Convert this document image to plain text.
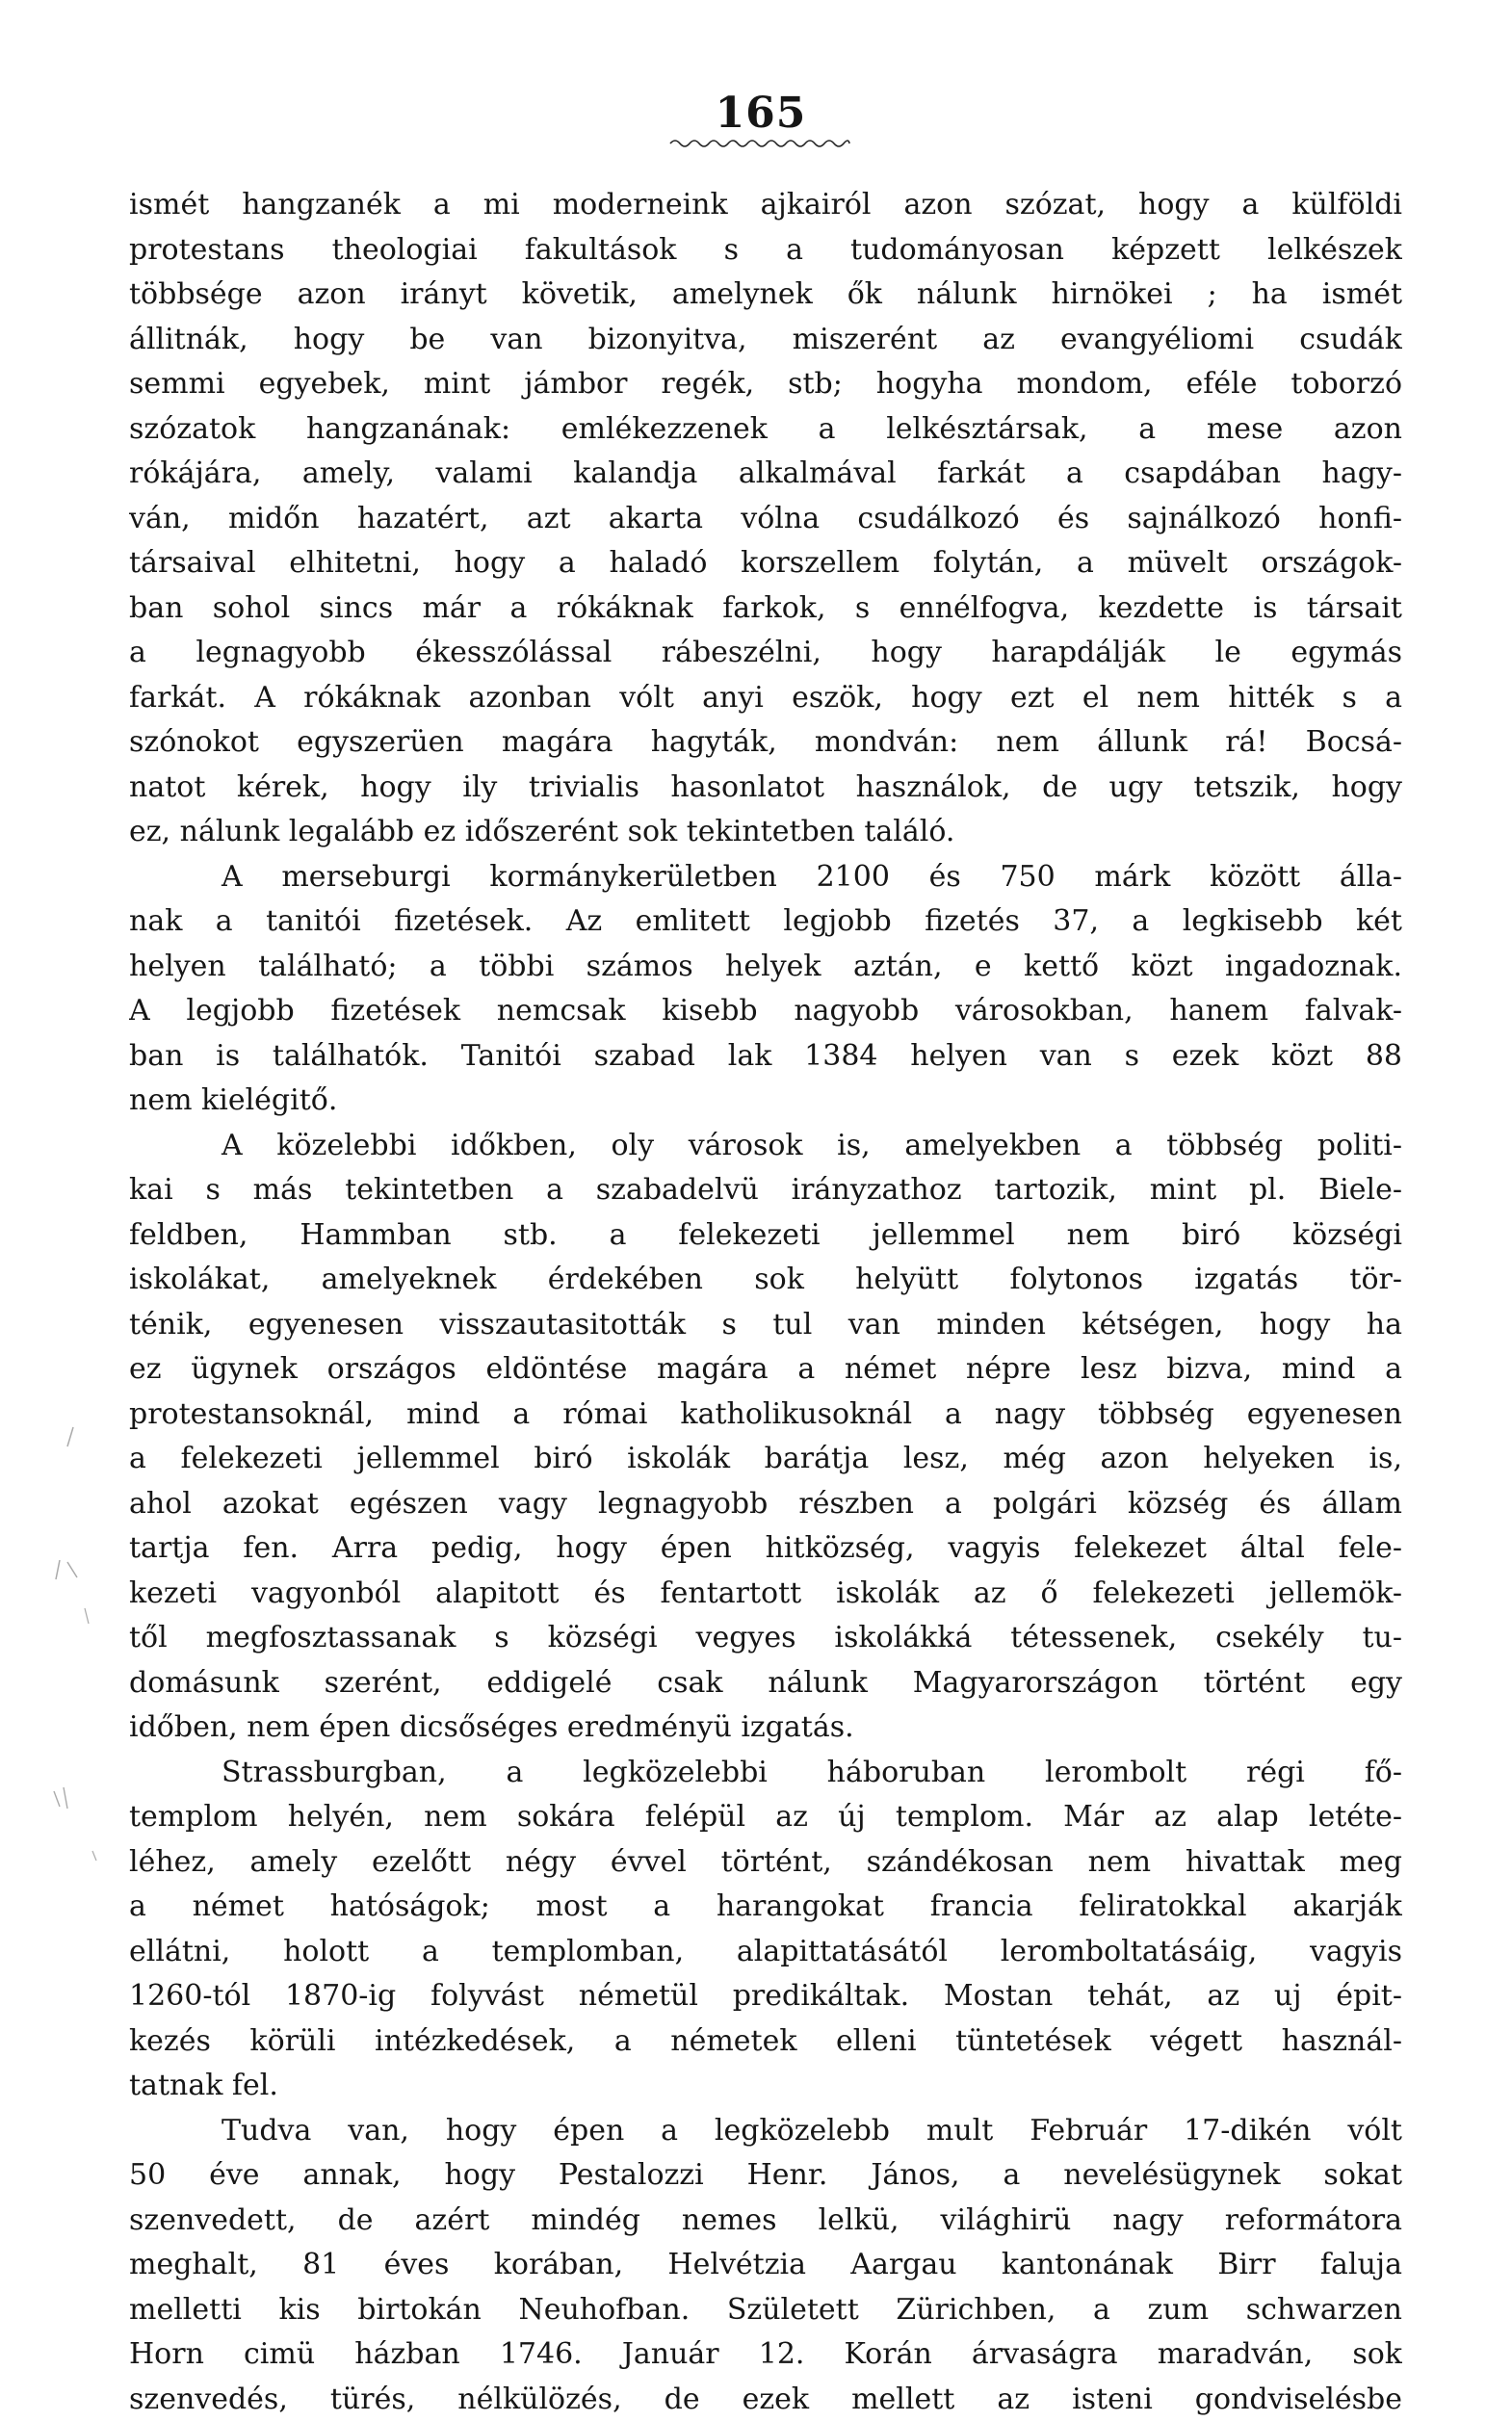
165
ismét hangzanék a mi moderneink ajkairól azon szózat, hogy a külföldi
protestans theologiai fakultások s a tudományosan képzett lelkészek
többsége azon irányt követik, amelynek ők nálunk hirnökei ; ha ismét
állitnák, hogy be van bizonyitva, miszerént az evangyéliomi csudák
semmi egyebek, mint jámbor regék, stb; hogyha mondom, eféle toborzó
szózatok hangzanának: emlékezzenek a lelkésztársak, a mese azon
rókájára, amely, valami kalandja alkalmával farkát a csapdában hagy-
ván, midőn hazatért, azt akarta vólna csudálkozó és sajnálkozó honfi-
társaival elhitetni, hogy a haladó korszellem folytán, a müvelt országok-
ban sohol sincs már a rókáknak farkok, s ennélfogva, kezdette is társait
a legnagyobb ékesszólással rábeszélni, hogy harapdálják le egymás
farkát. A rókáknak azonban vólt anyi eszök, hogy ezt el nem hitték s a
szónokot egyszerüen magára hagyták, mondván: nem állunk rá! Bocsá-
natot kérek, hogy ily trivialis hasonlatot használok, de ugy tetszik, hogy
ez, nálunk legalább ez időszerént sok tekintetben találó.
A merseburgi kormánykerületben 2100 és 750 márk között álla-
nak a tanitói fizetések. Az emlitett legjobb fizetés 37, a legkisebb két
helyen található; a többi számos helyek aztán, e kettő közt ingadoznak.
A legjobb fizetések nemcsak kisebb nagyobb városokban, hanem falvak-
ban is találhatók. Tanitói szabad lak 1384 helyen van s ezek közt 88
nem kielégitő.
A közelebbi időkben, oly városok is, amelyekben a többség politi-
kai s más tekintetben a szabadelvü irányzathoz tartozik, mint pl. Biele-
feldben, Hammban stb. a felekezeti jellemmel nem biró községi
iskolákat, amelyeknek érdekében sok helyütt folytonos izgatás tör-
ténik, egyenesen visszautasitották s tul van minden kétségen, hogy ha
ez ügynek országos eldöntése magára a német népre lesz bizva, mind a
protestansoknál, mind a római katholikusoknál a nagy többség egyenesen
a felekezeti jellemmel biró iskolák barátja lesz, még azon helyeken is,
ahol azokat egészen vagy legnagyobb részben a polgári község és állam
tartja fen. Arra pedig, hogy épen hitközség, vagyis felekezet által fele-
kezeti vagyonból alapitott és fentartott iskolák az ő felekezeti jellemök-
től megfosztassanak s községi vegyes iskolákká tétessenek, csekély tu-
domásunk szerént, eddigelé csak nálunk Magyarországon történt egy
időben, nem épen dicsőséges eredményü izgatás.
Strassburgban, a legközelebbi háboruban lerombolt régi fő-
templom helyén, nem sokára felépül az új templom. Már az alap letéte-
léhez, amely ezelőtt négy évvel történt, szándékosan nem hivattak meg
a német hatóságok; most a harangokat francia feliratokkal akarják
ellátni, holott a templomban, alapittatásától leromboltatásáig, vagyis
1260-tól 1870-ig folyvást németül predikáltak. Mostan tehát, az uj épit-
kezés körüli intézkedések, a németek elleni tüntetések végett használ-
tatnak fel.
Tudva van, hogy épen a legközelebb mult Február 17-dikén vólt
50 éve annak, hogy Pestalozzi Henr. János, a nevelésügynek sokat
szenvedett, de azért mindég nemes lelkü, világhirü nagy reformátora
meghalt, 81 éves korában, Helvétzia Aargau kantonának Birr faluja
melletti kis birtokán Neuhofban. Született Zürichben, a zum schwarzen
Horn cimü házban 1746. Január 12. Korán árvaságra maradván, sok
szenvedés, türés, nélkülözés, de ezek mellett az isteni gondviselésbe
